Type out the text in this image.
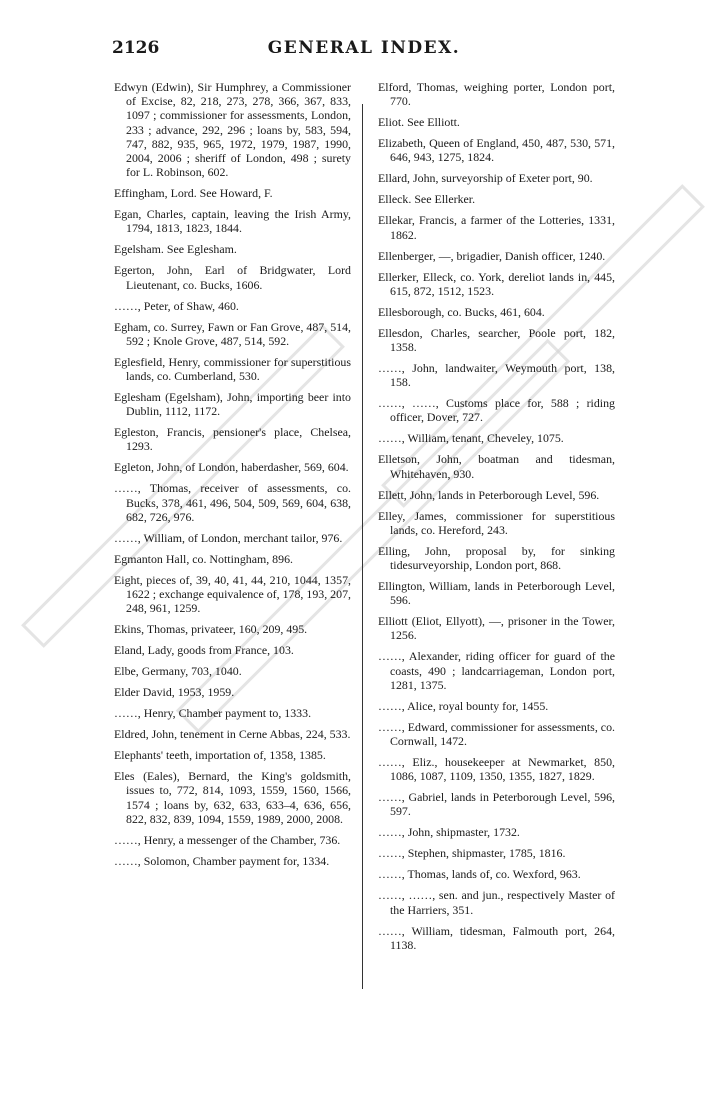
2126	GENERAL INDEX.
Edwyn (Edwin), Sir Humphrey, a Commissioner of Excise, 82, 218, 273, 278, 366, 367, 833, 1097 ; commissioner for assessments, London, 233 ; advance, 292, 296 ; loans by, 583, 594, 747, 882, 935, 965, 1972, 1979, 1987, 1990, 2004, 2006 ; sheriff of London, 498 ; surety for L. Robinson, 602.
Effingham, Lord. See Howard, F.
Egan, Charles, captain, leaving the Irish Army, 1794, 1813, 1823, 1844.
Egelsham. See Eglesham.
Egerton, John, Earl of Bridgwater, Lord Lieutenant, co. Bucks, 1606.
……, Peter, of Shaw, 460.
Egham, co. Surrey, Fawn or Fan Grove, 487, 514, 592 ; Knole Grove, 487, 514, 592.
Eglesfield, Henry, commissioner for superstitious lands, co. Cumberland, 530.
Eglesham (Egelsham), John, importing beer into Dublin, 1112, 1172.
Egleston, Francis, pensioner's place, Chelsea, 1293.
Egleton, John, of London, haberdasher, 569, 604.
……, Thomas, receiver of assessments, co. Bucks, 378, 461, 496, 504, 509, 569, 604, 638, 682, 726, 976.
……, William, of London, merchant tailor, 976.
Egmanton Hall, co. Nottingham, 896.
Eight, pieces of, 39, 40, 41, 44, 210, 1044, 1357, 1622 ; exchange equivalence of, 178, 193, 207, 248, 961, 1259.
Ekins, Thomas, privateer, 160, 209, 495.
Eland, Lady, goods from France, 103.
Elbe, Germany, 703, 1040.
Elder David, 1953, 1959.
……, Henry, Chamber payment to, 1333.
Eldred, John, tenement in Cerne Abbas, 224, 533.
Elephants' teeth, importation of, 1358, 1385.
Eles (Eales), Bernard, the King's goldsmith, issues to, 772, 814, 1093, 1559, 1560, 1566, 1574 ; loans by, 632, 633, 633–4, 636, 656, 822, 832, 839, 1094, 1559, 1989, 2000, 2008.
……, Henry, a messenger of the Chamber, 736.
……, Solomon, Chamber payment for, 1334.
Elford, Thomas, weighing porter, London port, 770.
Eliot. See Elliott.
Elizabeth, Queen of England, 450, 487, 530, 571, 646, 943, 1275, 1824.
Ellard, John, surveyorship of Exeter port, 90.
Elleck. See Ellerker.
Ellekar, Francis, a farmer of the Lotteries, 1331, 1862.
Ellenberger, —, brigadier, Danish officer, 1240.
Ellerker, Elleck, co. York, dereliot lands in, 445, 615, 872, 1512, 1523.
Ellesborough, co. Bucks, 461, 604.
Ellesdon, Charles, searcher, Poole port, 182, 1358.
……, John, landwaiter, Weymouth port, 138, 158.
……, ……, Customs place for, 588 ; riding officer, Dover, 727.
……, William, tenant, Cheveley, 1075.
Elletson, John, boatman and tidesman, Whitehaven, 930.
Ellett, John, lands in Peterborough Level, 596.
Elley, James, commissioner for superstitious lands, co. Hereford, 243.
Elling, John, proposal by, for sinking tidesurveyorship, London port, 868.
Ellington, William, lands in Peterborough Level, 596.
Elliott (Eliot, Ellyott), —, prisoner in the Tower, 1256.
……, Alexander, riding officer for guard of the coasts, 490 ; landcarriageman, London port, 1281, 1375.
……, Alice, royal bounty for, 1455.
……, Edward, commissioner for assessments, co. Cornwall, 1472.
……, Eliz., housekeeper at Newmarket, 850, 1086, 1087, 1109, 1350, 1355, 1827, 1829.
……, Gabriel, lands in Peterborough Level, 596, 597.
……, John, shipmaster, 1732.
……, Stephen, shipmaster, 1785, 1816.
……, Thomas, lands of, co. Wexford, 963.
……, ……, sen. and jun., respectively Master of the Harriers, 351.
……, William, tidesman, Falmouth port, 264, 1138.
